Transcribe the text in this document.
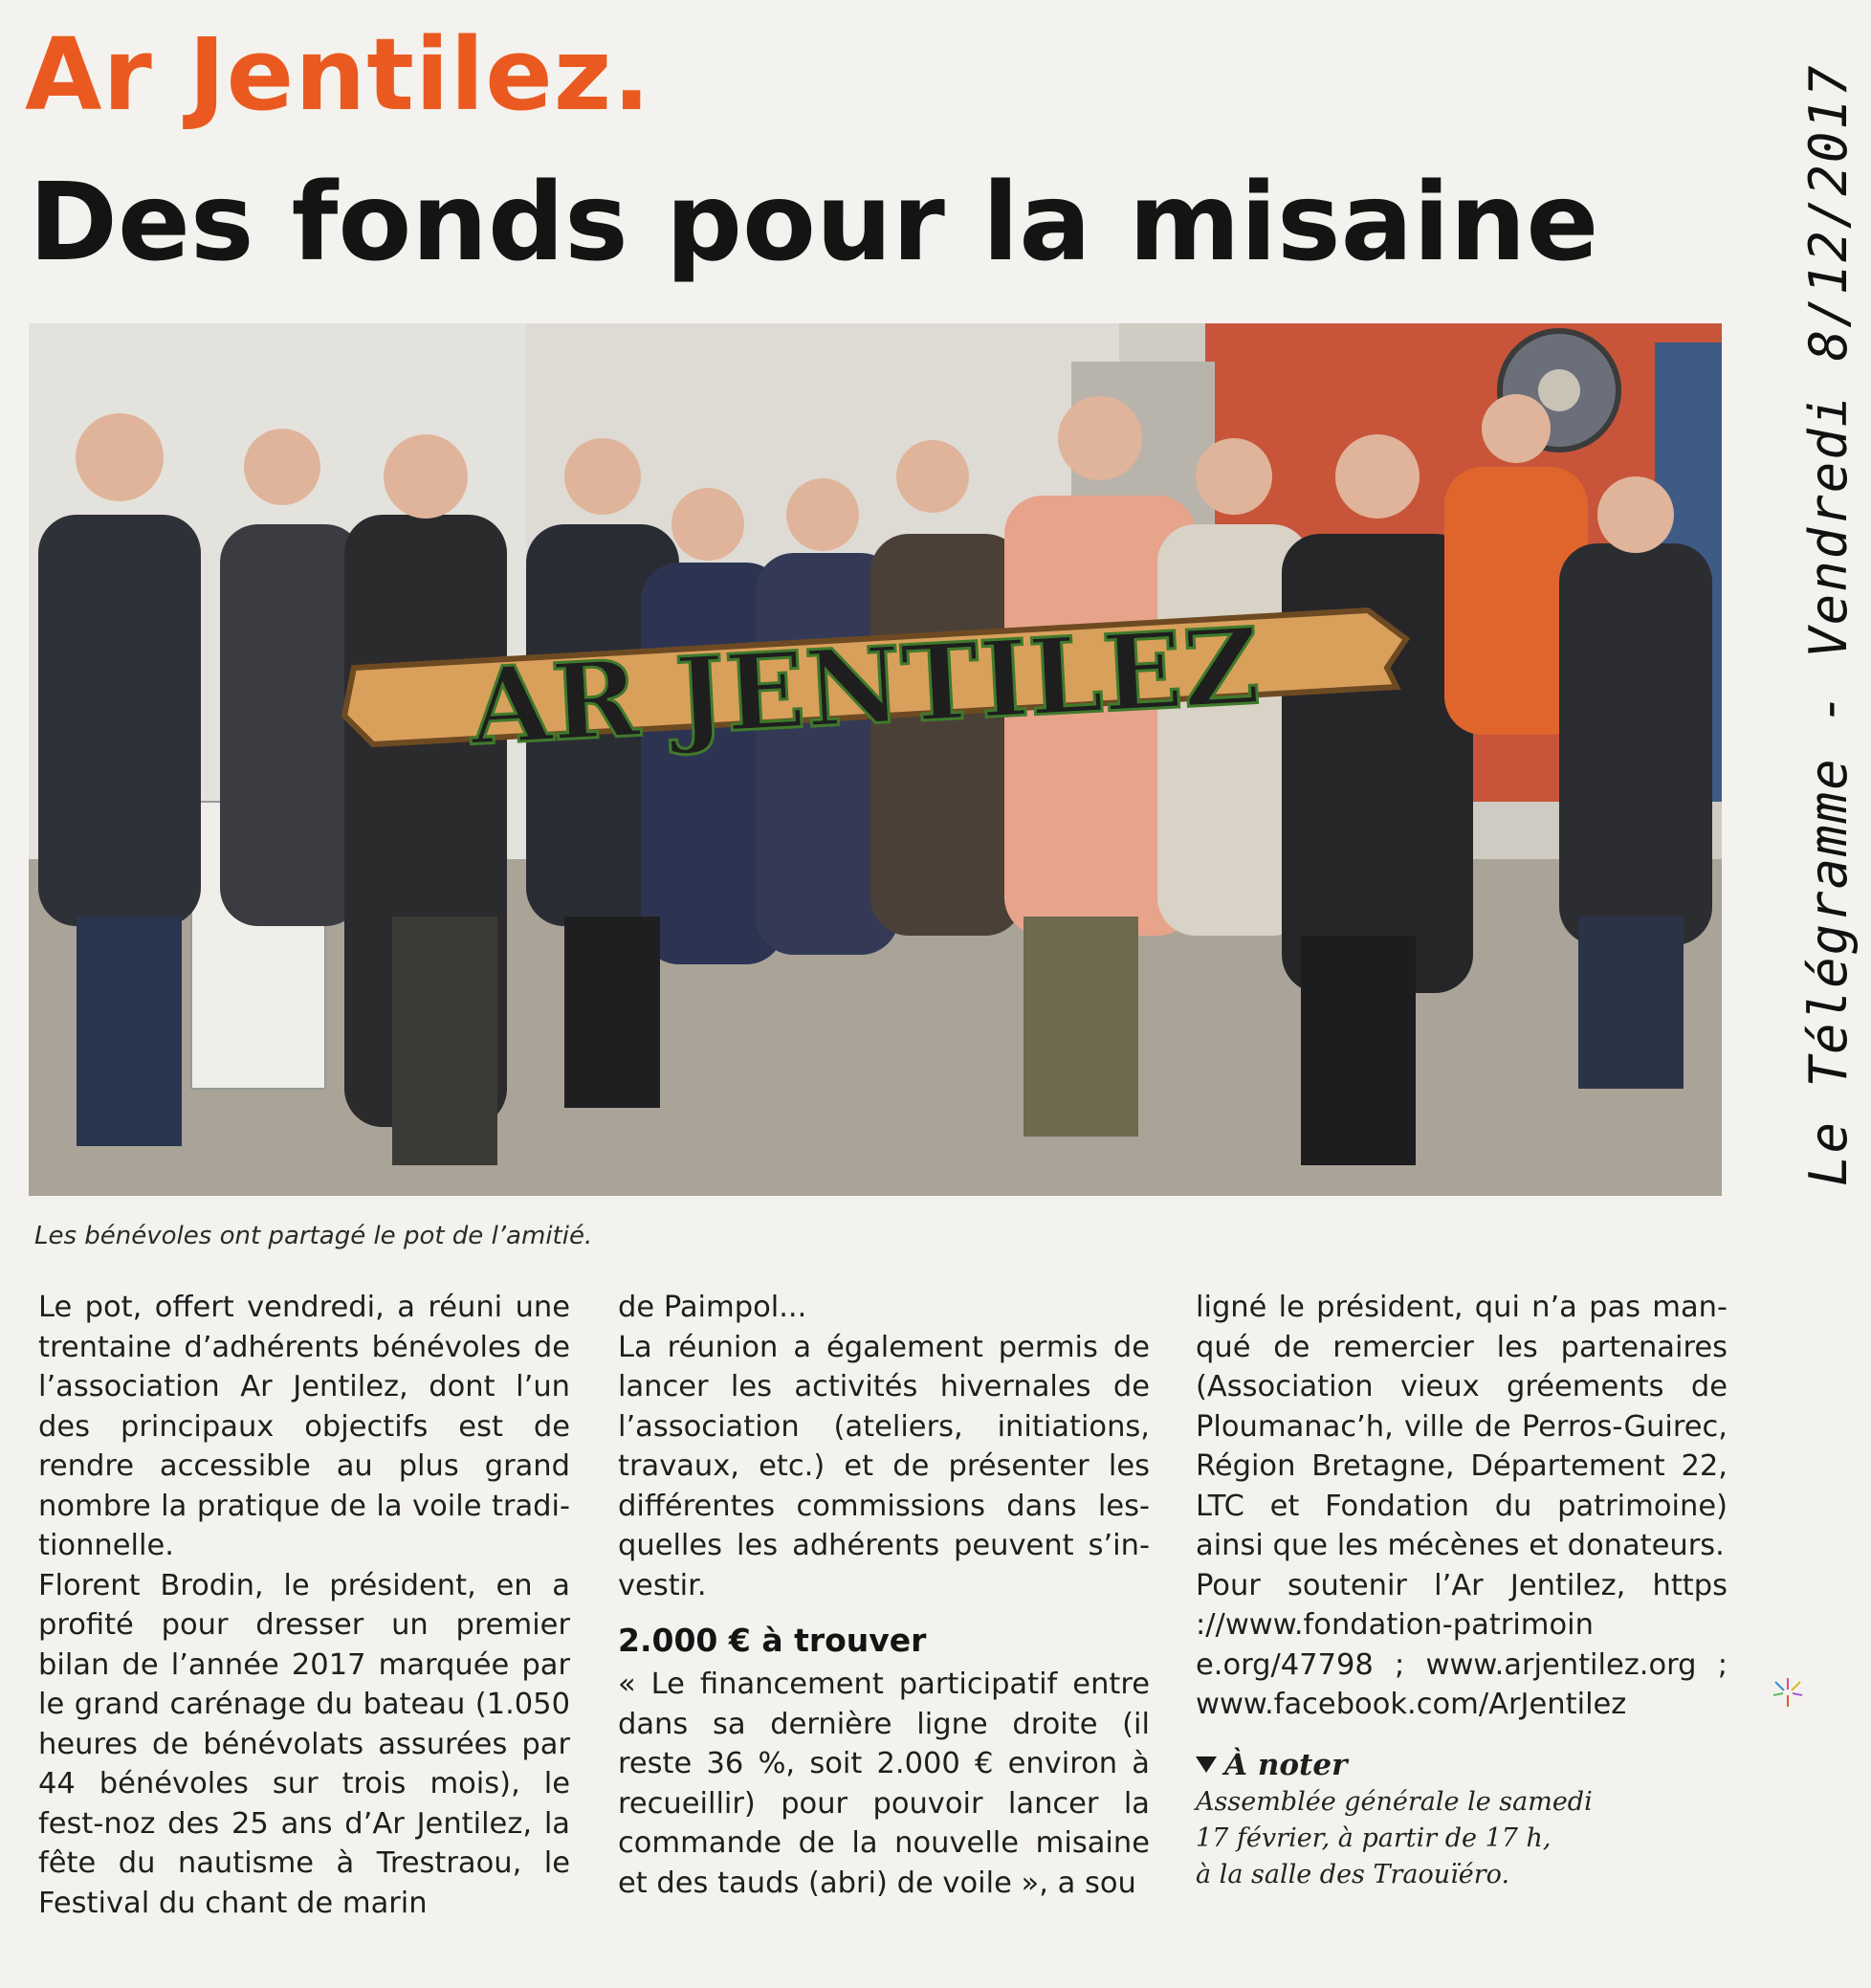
Ar Jentilez.
Des fonds pour la misaine
AR JENTILEZ
Les bénévoles ont partagé le pot de l’amitié.

Le pot, offert vendredi, a réuni une trentaine d’adhérents bénévoles de l’association Ar Jentilez, dont l’un des principaux objectifs est de rendre accessible au plus grand nombre la pratique de la voile traditionnelle.

Florent Brodin, le président, en a profité pour dresser un premier bilan de l’année 2017 marquée par le grand carénage du bateau (1.050 heures de bénévolats assurées par 44 bénévoles sur trois mois), le fest-noz des 25 ans d’Ar Jentilez, la fête du nautisme à Trestraou, le Festival du chant de marin

de Paimpol...

La réunion a également permis de lancer les activités hivernales de l’association (ateliers, initiations, travaux, etc.) et de présenter les différentes commissions dans lesquelles les adhérents peuvent s’investir.

2.000 € à trouver

« Le financement participatif entre dans sa dernière ligne droite (il reste 36 %, soit 2.000 € environ à recueillir) pour pouvoir lancer la commande de la nouvelle misaine et des tauds (abri) de voile », a sou

ligné le président, qui n’a pas manqué de remercier les partenaires (Association vieux gréements de Ploumanac’h, ville de Perros-Guirec, Région Bretagne, Département 22, LTC et Fondation du patrimoine) ainsi que les mécènes et donateurs.

Pour soutenir l’Ar Jentilez, https ://www.fondation-patrimoin e.org/47798 ; www.arjentilez.org ; www.facebook.com/ArJentilez

À noter
Assemblée générale le samedi
17 février, à partir de 17 h,
à la salle des Traouïéro.
Le Télégramme - Vendredi 8/12/2017
